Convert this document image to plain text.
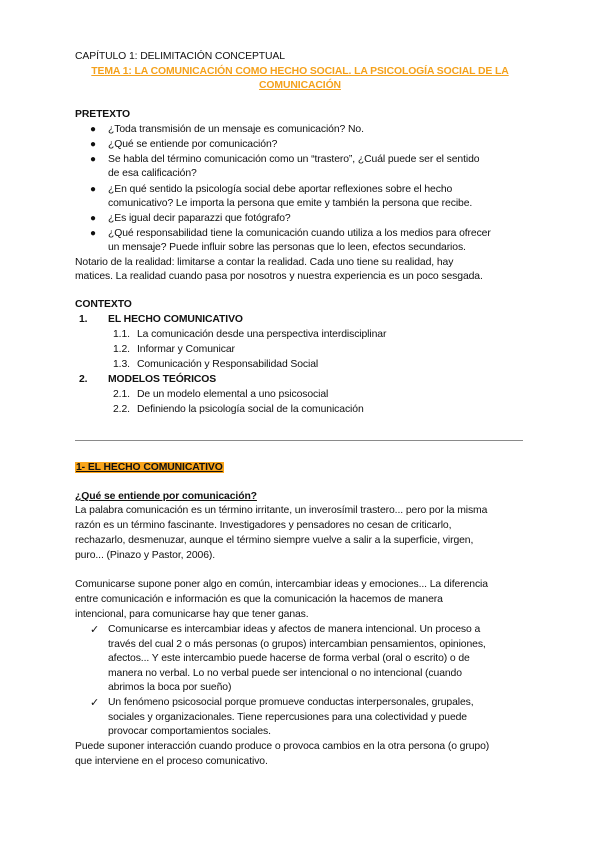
CAPÍTULO 1: DELIMITACIÓN CONCEPTUAL
TEMA 1: LA COMUNICACIÓN COMO HECHO SOCIAL. LA PSICOLOGÍA SOCIAL DE LA
COMUNICACIÓN
PRETEXTO
● ¿Toda transmisión de un mensaje es comunicación? No.
● ¿Qué se entiende por comunicación?
● Se habla del término comunicación como un “trastero”, ¿Cuál puede ser el sentido
de esa calificación?
● ¿En qué sentido la psicología social debe aportar reflexiones sobre el hecho
comunicativo? Le importa la persona que emite y también la persona que recibe.
● ¿Es igual decir paparazzi que fotógrafo?
● ¿Qué responsabilidad tiene la comunicación cuando utiliza a los medios para ofrecer
un mensaje? Puede influir sobre las personas que lo leen, efectos secundarios.
Notario de la realidad: limitarse a contar la realidad. Cada uno tiene su realidad, hay
matices. La realidad cuando pasa por nosotros y nuestra experiencia es un poco sesgada.
CONTEXTO
1. EL HECHO COMUNICATIVO
1.1. La comunicación desde una perspectiva interdisciplinar
1.2. Informar y Comunicar
1.3. Comunicación y Responsabilidad Social
2. MODELOS TEÓRICOS
2.1. De un modelo elemental a uno psicosocial
2.2. Definiendo la psicología social de la comunicación
1- EL HECHO COMUNICATIVO
¿Qué se entiende por comunicación?
La palabra comunicación es un término irritante, un inverosímil trastero... pero por la misma
razón es un término fascinante. Investigadores y pensadores no cesan de criticarlo,
rechazarlo, desmenuzar, aunque el término siempre vuelve a salir a la superficie, virgen,
puro... (Pinazo y Pastor, 2006).
Comunicarse supone poner algo en común, intercambiar ideas y emociones... La diferencia
entre comunicación e información es que la comunicación la hacemos de manera
intencional, para comunicarse hay que tener ganas.
✓ Comunicarse es intercambiar ideas y afectos de manera intencional. Un proceso a
través del cual 2 o más personas (o grupos) intercambian pensamientos, opiniones,
afectos... Y este intercambio puede hacerse de forma verbal (oral o escrito) o de
manera no verbal. Lo no verbal puede ser intencional o no intencional (cuando
abrimos la boca por sueño)
✓ Un fenómeno psicosocial porque promueve conductas interpersonales, grupales,
sociales y organizacionales. Tiene repercusiones para una colectividad y puede
provocar comportamientos sociales.
Puede suponer interacción cuando produce o provoca cambios en la otra persona (o grupo)
que interviene en el proceso comunicativo.
